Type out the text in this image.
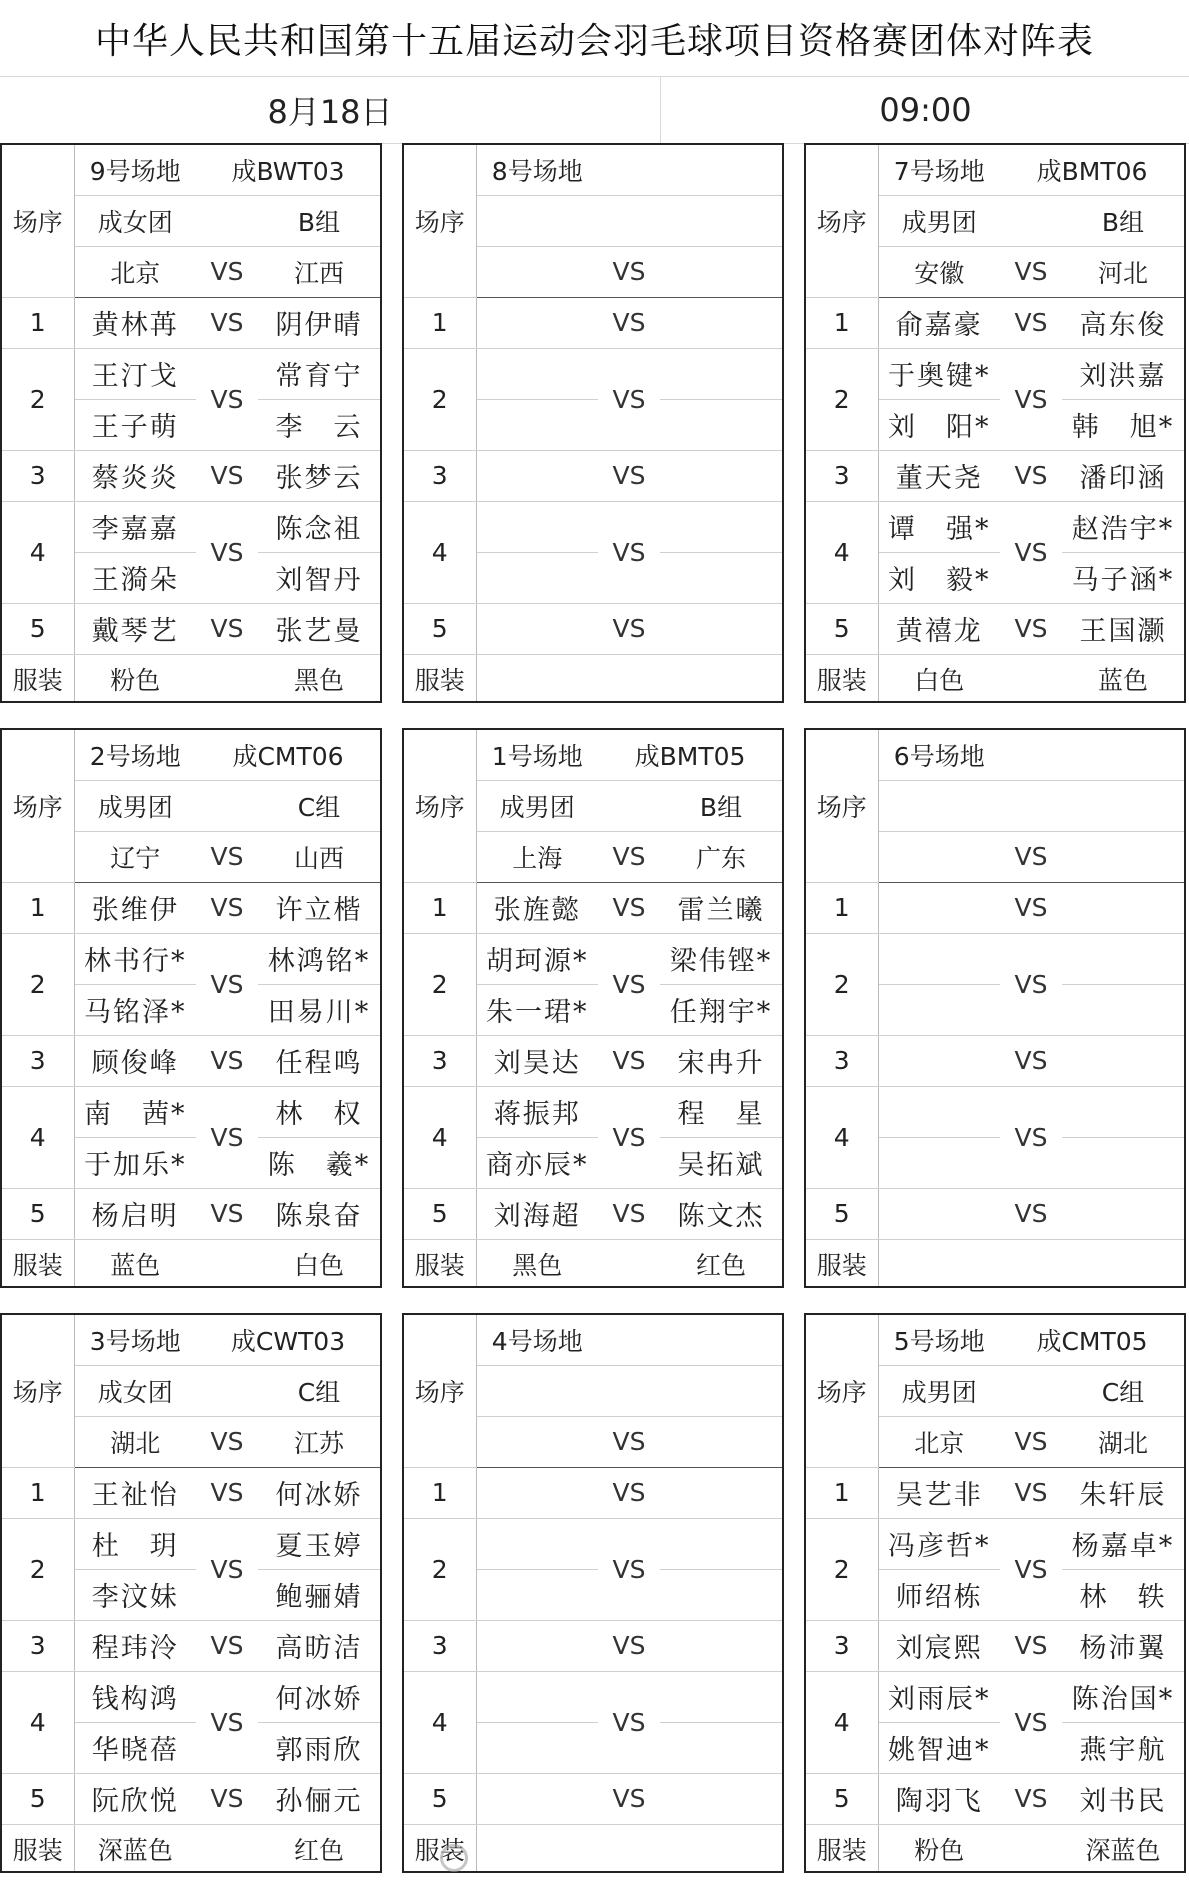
中华人民共和国第十五届运动会羽毛球项目资格赛团体对阵表
8月18日	09:00
场序	9号场地	成BWT03	
	成女团		B组
	北京	VS	江西
1	黄林苒	VS	阴伊晴
2	王汀戈	VS	常育宁
	王子萌		李　云
3	蔡炎炎	VS	张梦云
4	李嘉嘉	VS	陈念祖
	王漪朵		刘智丹
5	戴琴艺	VS	张艺曼
服装	粉色		黑色
场序	8号场地		

		VS	
1		VS	
2		VS	

3		VS	
4		VS	

5		VS	
服装			
场序	7号场地	成BMT06	
	成男团		B组
	安徽	VS	河北
1	俞嘉豪	VS	高东俊
2	于奥键*	VS	刘洪嘉
	刘　阳*		韩　旭*
3	董天尧	VS	潘印涵
4	谭　强*	VS	赵浩宇*
	刘　毅*		马子涵*
5	黄禧龙	VS	王国灏
服装	白色		蓝色
场序	2号场地	成CMT06	
	成男团		C组
	辽宁	VS	山西
1	张维伊	VS	许立楷
2	林书行*	VS	林鸿铭*
	马铭泽*		田易川*
3	顾俊峰	VS	任程鸣
4	南　茜*	VS	林　权
	于加乐*		陈　羲*
5	杨启明	VS	陈泉奋
服装	蓝色		白色
场序	1号场地	成BMT05	
	成男团		B组
	上海	VS	广东
1	张旌懿	VS	雷兰曦
2	胡珂源*	VS	梁伟铿*
	朱一珺*		任翔宇*
3	刘昊达	VS	宋冉升
4	蒋振邦	VS	程　星
	商亦辰*		吴拓斌
5	刘海超	VS	陈文杰
服装	黑色		红色
场序	6号场地		

		VS	
1		VS	
2		VS	

3		VS	
4		VS	

5		VS	
服装			
场序	3号场地	成CWT03	
	成女团		C组
	湖北	VS	江苏
1	王祉怡	VS	何冰娇
2	杜　玥	VS	夏玉婷
	李汶妹		鲍骊婧
3	程玮泠	VS	高昉洁
4	钱构鸿	VS	何冰娇
	华晓蓓		郭雨欣
5	阮欣悦	VS	孙俪元
服装	深蓝色		红色
场序	4号场地		

		VS	
1		VS	
2		VS	

3		VS	
4		VS	

5		VS	
服装			
场序	5号场地	成CMT05	
	成男团		C组
	北京	VS	湖北
1	吴艺非	VS	朱轩辰
2	冯彦哲*	VS	杨嘉卓*
	师绍栋		林　轶
3	刘宸熙	VS	杨沛翼
4	刘雨辰*	VS	陈治国*
	姚智迪*		燕宇航
5	陶羽飞	VS	刘书民
服装	粉色		深蓝色
